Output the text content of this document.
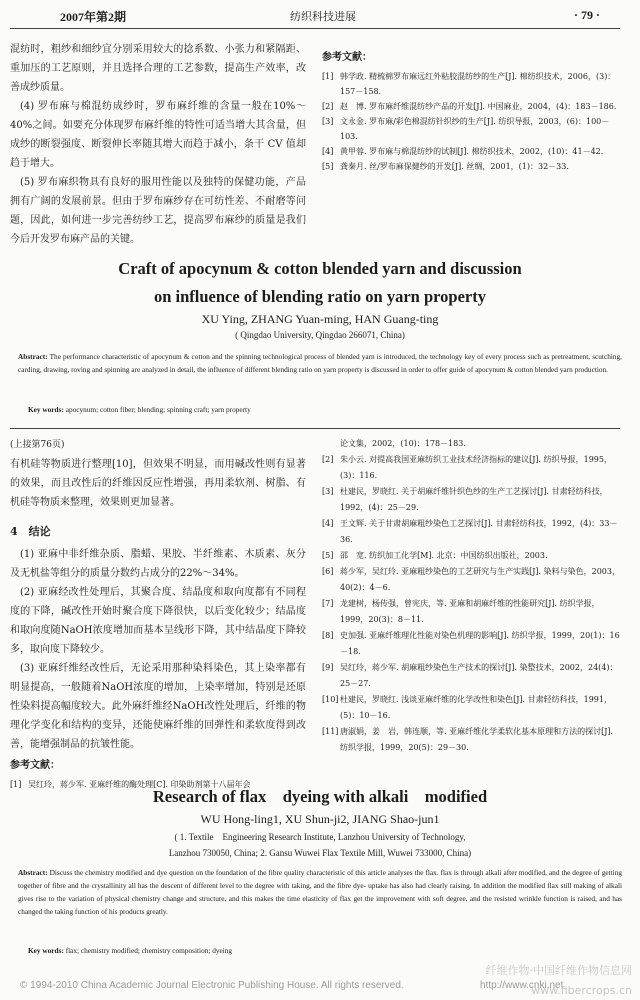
2007年第2期	纺织科技进展	· 79 ·

混纺时，粗纱和细纱宜分别采用较大的捻系数、小张力和紧隔距、重加压的工艺原则，并且选择合理的工艺参数，提高生产效率，改善成纱质量。

(4) 罗布麻与棉混纺成纱时，罗布麻纤维的含量一般在10%～40%之间。如要充分体现罗布麻纤维的特性可适当增大其含量，但成纱的断裂强度、断裂伸长率随其增大而趋于减小，条干 CV 值却趋于增大。

(5) 罗布麻织物具有良好的服用性能以及独特的保健功能，产品拥有广阔的发展前景。但由于罗布麻纱存在可纺性差、不耐磨等问题，因此，如何进一步完善纺纱工艺，提高罗布麻纱的质量是我们今后开发罗布麻产品的关键。

参考文献：
[1] 韩学政. 精梳棉罗布麻远红外粘胶混纺纱的生产[J]. 棉纺织技术，2006，(3)：157－158.
[2] 赵　博. 罗布麻纤维混纺纱产品的开发[J]. 中国麻业，2004，(4)：183－186.
[3] 文永金. 罗布麻/彩色棉混纺针织纱的生产[J]. 纺织导报，2003，(6)：100－103.
[4] 黄甲蓉. 罗布麻与棉混纺纱的试制[J]. 棉纺织技术，2002，(10)：41－42.
[5] 龚秦月. 丝/罗布麻保健纱的开发[J]. 丝绸，2001，(1)：32－33.
Craft of apocynum & cotton blended yarn and discussion
on influence of blending ratio on yarn property
XU Ying, ZHANG Yuan-ming, HAN Guang-ting
( Qingdao University, Qingdao 266071, China)
Abstract: The performance characteristic of apocynum & cotton and the spinning technological process of blended yarn is introduced, the technology key of every process such as pretreatment, scutching, carding, drawing, roving and spinning are analyzed in detail, the influence of different blending ratio on yarn property is discussed in order to offer guide of apocynum & cotton blended yarn production.
Key words: apocynum; cotton fiber; blending; spinning craft; yarn property

(上接第76页)

有机硅等物质进行整理[10]，但效果不明显，而用碱改性则有显著的效果，而且改性后的纤维因反应性增强，再用柔软剂、树脂、有机硅等物质来整理，效果则更加显著。

4　结论

(1) 亚麻中非纤维杂质、脂蜡、果胶、半纤维素、木质素、灰分及无机盐等组分的质量分数约占成分的22%～34%。

(2) 亚麻经改性处理后，其聚合度、结晶度和取向度都有不同程度的下降，碱改性开始时聚合度下降很快，以后变化较少；结晶度和取向度随NaOH浓度增加而基本呈线形下降，其中结晶度下降较多，取向度下降较少。

(3) 亚麻纤维经改性后，无论采用那种染料染色，其上染率都有明显提高，一般随着NaOH浓度的增加，上染率增加，特别是还原性染料提高幅度较大。此外麻纤维经NaOH改性处理后，纤维的物理化学变化和结构的变异，还能使麻纤维的回弹性和柔软度得到改善，能增强制品的抗皱性能。

参考文献：
[1] 吴红玲，蒋少军. 亚麻纤维的酶处理[C]. 印染助剂第十八届年会
论文集，2002，(10)：178－183.
[2] 朱小云. 对提高我国亚麻纺织工业技术经济指标的建议[J]. 纺织导报，1995，(3)：116.
[3] 杜建民，罗晓红. 关于胡麻纤维针织色纱的生产工艺探讨[J]. 甘肃轻纺科技，1992，(4)：25－29.
[4] 王文辉. 关于甘肃胡麻粗纱染色工艺探讨[J]. 甘肃轻纺科技，1992，(4)：33－36.
[5] 邵　宽. 纺织加工化学[M]. 北京：中国纺织出版社，2003.
[6] 蒋少军，吴红玲. 亚麻粗纱染色的工艺研究与生产实践[J]. 染料与染色，2003，40(2)：4－6.
[7] 龙建树，杨传强，曾宪庆，等. 亚麻和胡麻纤维的性能研究[J]. 纺织学报，1999，20(3)：8－11.
[8] 史加强. 亚麻纤维理化性能对染色机理的影响[J]. 纺织学报，1999，20(1)：16－18.
[9] 吴红玲，蒋少军. 胡麻粗纱染色生产技术的探讨[J]. 染整技术，2002，24(4)：25－27.
[10] 杜建民，罗晓红. 浅谈亚麻纤维的化学改性和染色[J]. 甘肃轻纺科技，1991，(5)：10－16.
[11] 唐淑娟，姜　岩，韩连顺，等. 亚麻纤维化学柔软化基本原理和方法的探讨[J]. 纺织学报，1999，20(5)：29－30.
Research of flax　dyeing with alkali　modified
WU Hong-ling1, XU Shun-ji2, JIANG Shao-jun1
( 1. Textile　Engineering Research Institute, Lanzhou University of Technology,
Lanzhou 730050, China; 2. Gansu Wuwei Flax Textile Mill, Wuwei 733000, China)
Abstract: Discuss the chemistry modified and dye question on the foundation of the fibre quality characteristic of this article analyses the flax. flax is through alkali after modified, and the degree of getting together of fibre and the crystallinity all has the descent of different level to the degree with taking, and the fibre dye- uptake has also had clearly raising. In addition the modified flax still making of alkali gives rise to the variation of physical chemistry change and structure, and this makes the time elasticity of flax get the improvement with soft degree, and the resisted wrinkle function is raised, and has changed the taking function of his products greatly.
Key words: flax; chemistry modified; chemistry composition; dyeing
© 1994-2010 China Academic Journal Electronic Publishing House. All rights reserved.	http://www.cnki.net
纤维作物·中国纤维作物信息网
www.fibercrops.cn
